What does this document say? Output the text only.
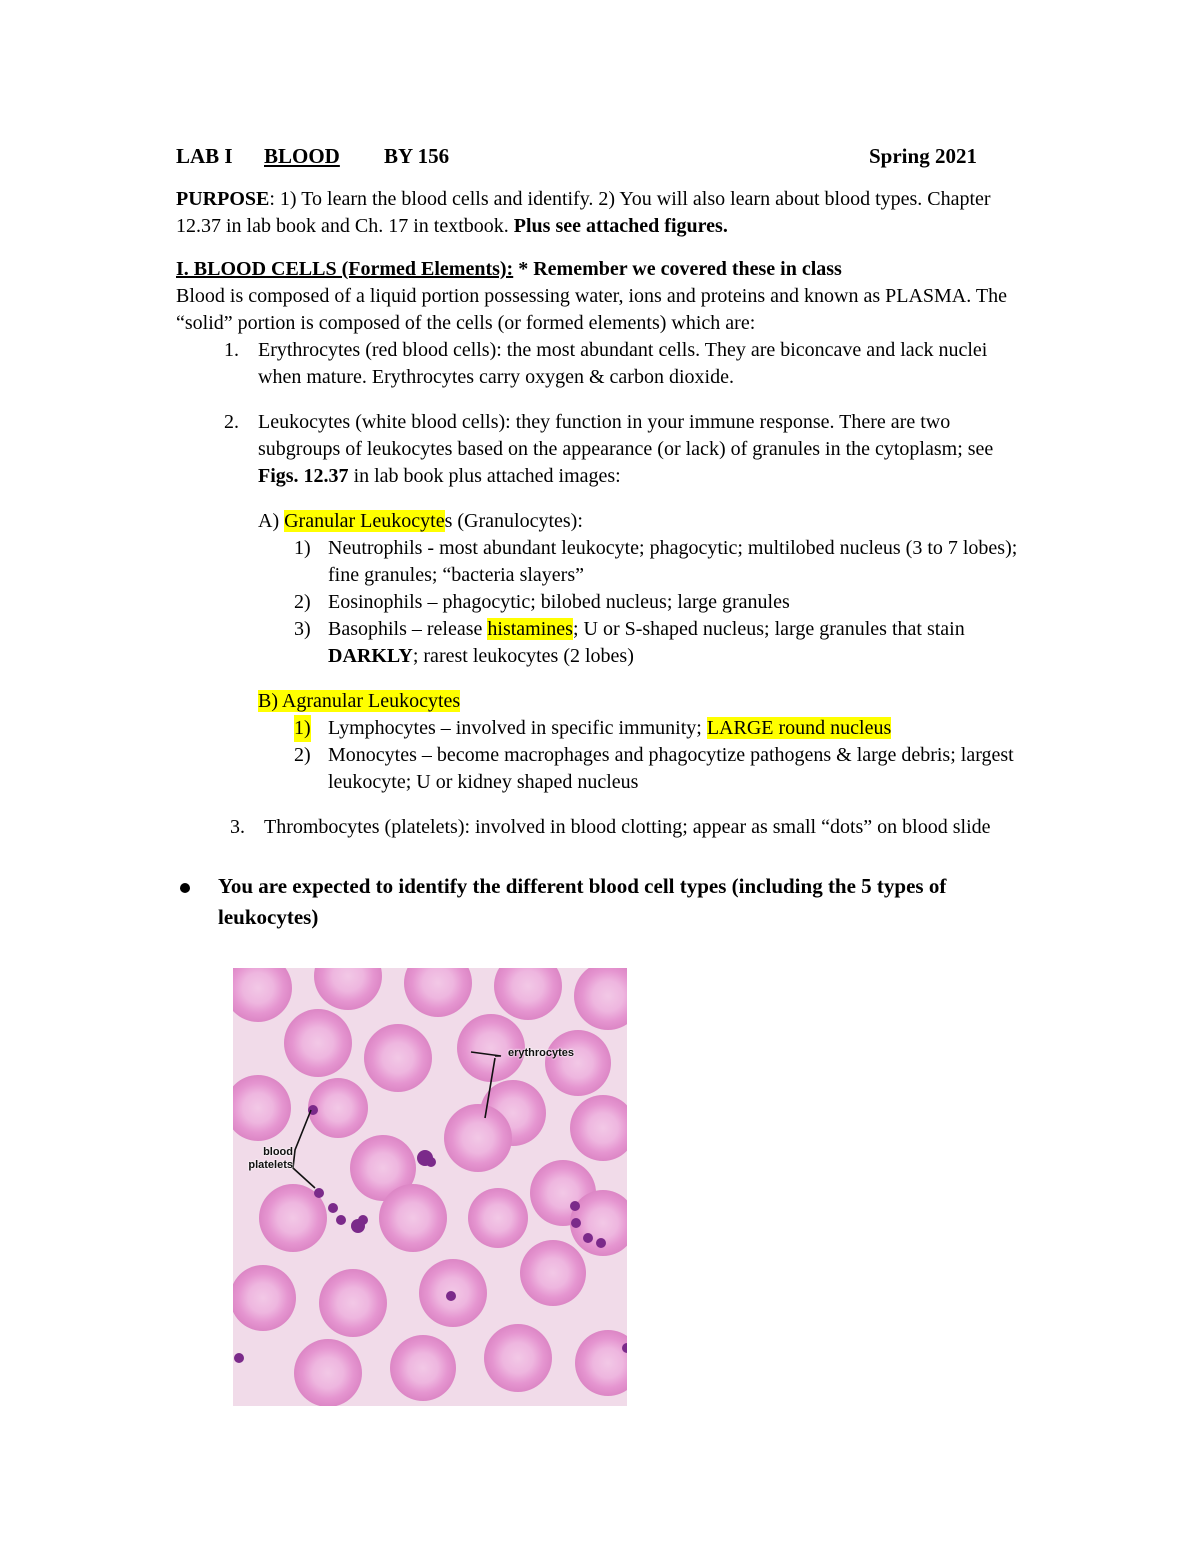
LAB I BLOOD BY 156	Spring 2021
PURPOSE: 1) To learn the blood cells and identify. 2) You will also learn about blood types. Chapter 12.37 in lab book and Ch. 17 in textbook. Plus see attached figures.
I. BLOOD CELLS (Formed Elements): * Remember we covered these in class
Blood is composed of a liquid portion possessing water, ions and proteins and known as PLASMA. The “solid” portion is composed of the cells (or formed elements) which are:
1. Erythrocytes (red blood cells): the most abundant cells. They are biconcave and lack nuclei when mature. Erythrocytes carry oxygen & carbon dioxide.
2. Leukocytes (white blood cells): they function in your immune response. There are two subgroups of leukocytes based on the appearance (or lack) of granules in the cytoplasm; see Figs. 12.37 in lab book plus attached images:
A) Granular Leukocytes (Granulocytes):
1) Neutrophils - most abundant leukocyte; phagocytic; multilobed nucleus (3 to 7 lobes); fine granules; “bacteria slayers”
2) Eosinophils – phagocytic; bilobed nucleus; large granules
3) Basophils – release histamines; U or S-shaped nucleus; large granules that stain DARKLY; rarest leukocytes (2 lobes)
B) Agranular Leukocytes
1) Lymphocytes – involved in specific immunity; LARGE round nucleus
2) Monocytes – become macrophages and phagocytize pathogens & large debris; largest leukocyte; U or kidney shaped nucleus
3. Thrombocytes (platelets): involved in blood clotting; appear as small “dots” on blood slide
You are expected to identify the different blood cell types (including the 5 types of leukocytes)
erythrocytes
blood
platelets
